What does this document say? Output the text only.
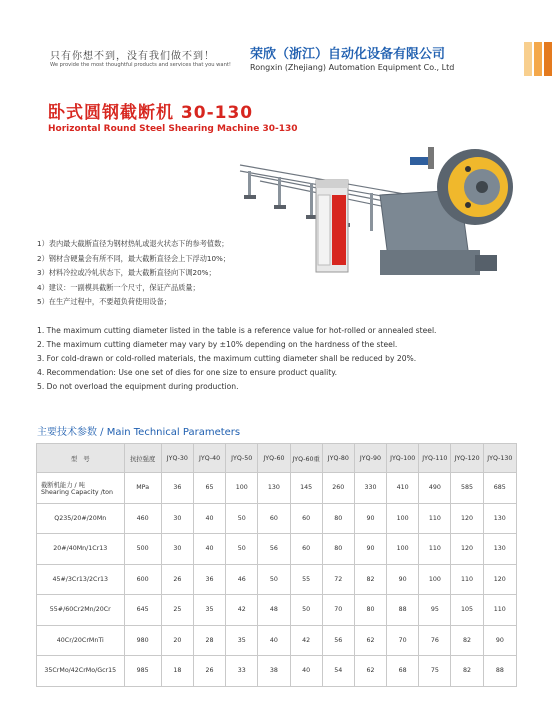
只有你想不到，没有我们做不到！
We provide the most thoughtful products and services that you want!
荣欣（浙江）自动化设备有限公司
Rongxin (Zhejiang) Automation Equipment Co., Ltd
卧式圆钢截断机 30-130
Horizontal Round Steel Shearing Machine 30-130
1）表内最大截断直径为钢材热轧或退火状态下的参考值数；
2）钢材含硬量会有所不同，最大截断直径会上下浮动10%；
3）材料冷拉或冷轧状态下，最大截断直径向下调20%；
4）建议：一副模具截断一个尺寸，保证产品质量；
5）在生产过程中，不要超负荷使用设备；
1. The maximum cutting diameter listed in the table is a reference value for hot-rolled or annealed steel.
2. The maximum cutting diameter may vary by ±10% depending on the hardness of the steel.
3. For cold-drawn or cold-rolled materials, the maximum cutting diameter shall be reduced by 20%.
4. Recommendation: Use one set of dies for one size to ensure product quality.
5. Do not overload the equipment during production.
主要技术参数 ∕ Main Technical Parameters
型　号	抗拉强度	JYQ-30	JYQ-40	JYQ-50	JYQ-60	JYQ-60重	JYQ-80	JYQ-90	JYQ-100	JYQ-110	JYQ-120	JYQ-130

截断机能力 / 吨
Shearing Capacity /ton	MPa	36	65	100	130	145	260	330	410	490	585	685

Q235/20#/20Mn	460	30	40	50	60	60	80	90	100	110	120	130

20#/40Mn/1Cr13	500	30	40	50	56	60	80	90	100	110	120	130

45#/3Cr13/2Cr13	600	26	36	46	50	55	72	82	90	100	110	120

55#/60Cr2Mn/20Cr	645	25	35	42	48	50	70	80	88	95	105	110

40Cr/20CrMnTi	980	20	28	35	40	42	56	62	70	76	82	90

35CrMo/42CrMo/Gcr15	985	18	26	33	38	40	54	62	68	75	82	88
